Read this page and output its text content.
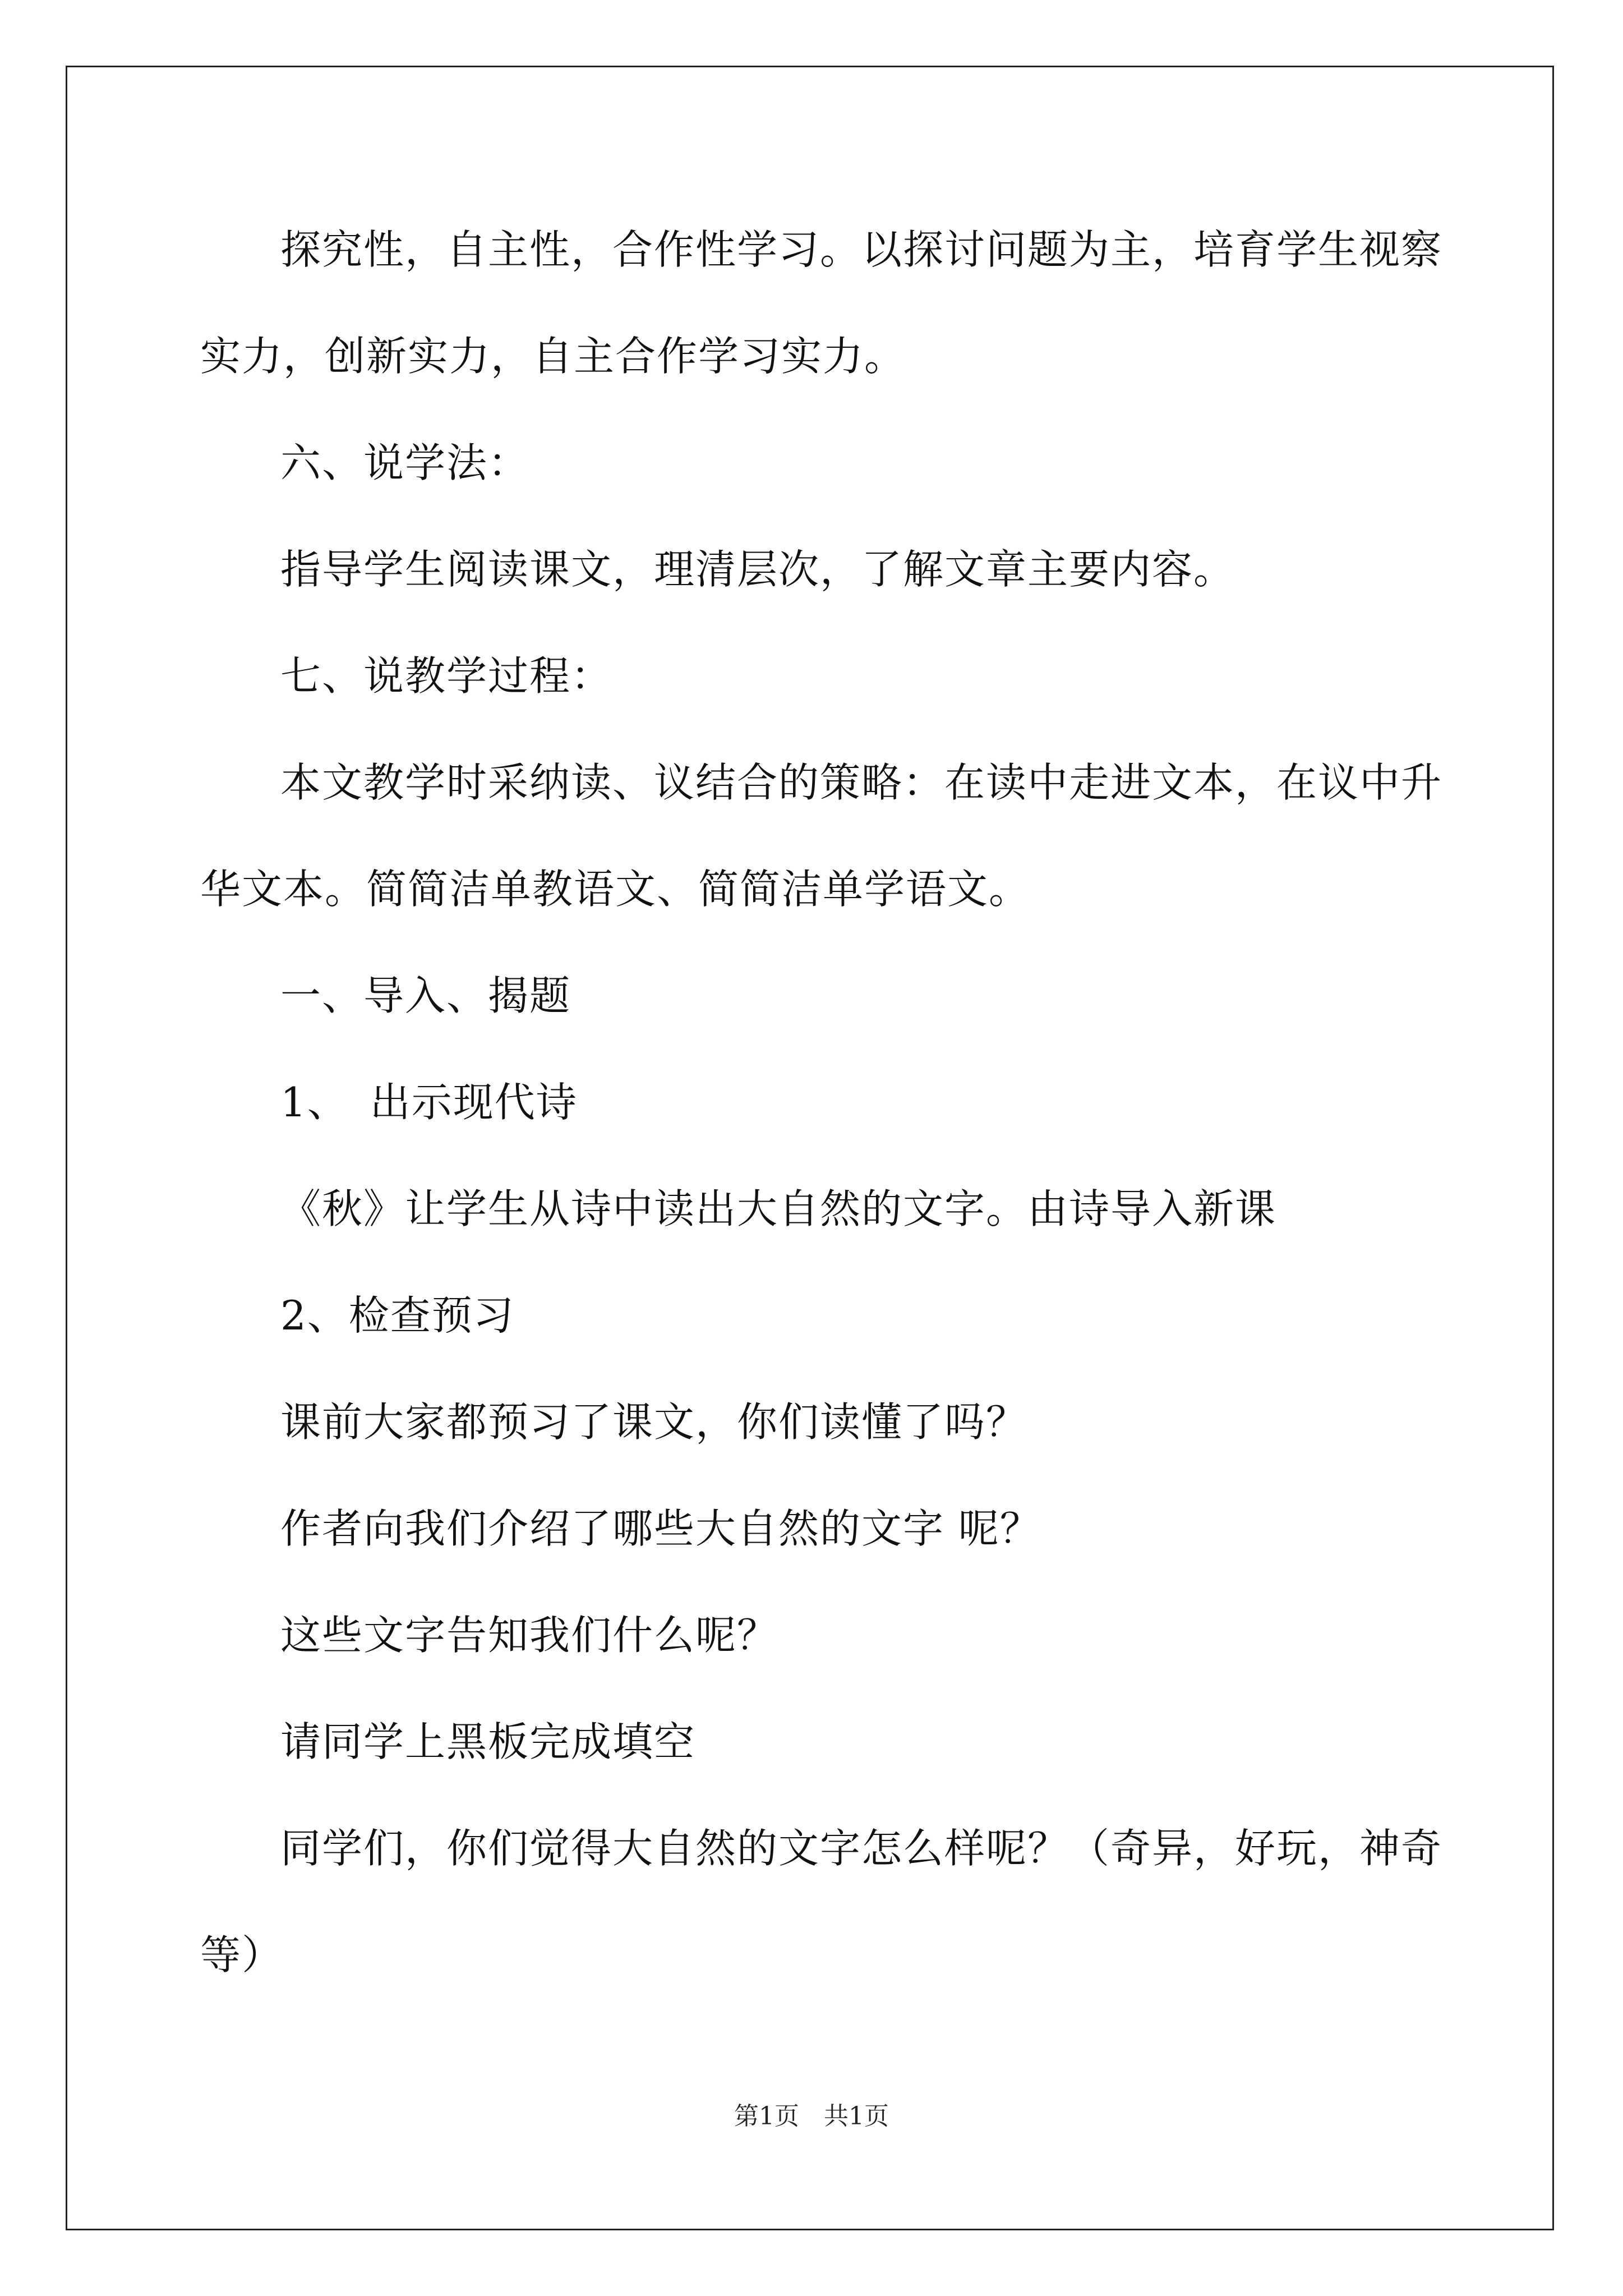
探究性，自主性，合作性学习。以探讨问题为主，培育学生视察
实力，创新实力，自主合作学习实力。
六、说学法：
指导学生阅读课文，理清层次，了解文章主要内容。
七、说教学过程：
本文教学时采纳读、议结合的策略：在读中走进文本，在议中升
华文本。简简洁单教语文、简简洁单学语文。
一、导入、揭题
1、　出示现代诗
《秋》让学生从诗中读出大自然的文字。由诗导入新课
2、检查预习
课前大家都预习了课文，你们读懂了吗？
作者向我们介绍了哪些大自然的文字 呢？
这些文字告知我们什么呢？
请同学上黑板完成填空
同学们，你们觉得大自然的文字怎么样呢？（奇异，好玩，神奇
等）
第1页　共1页
